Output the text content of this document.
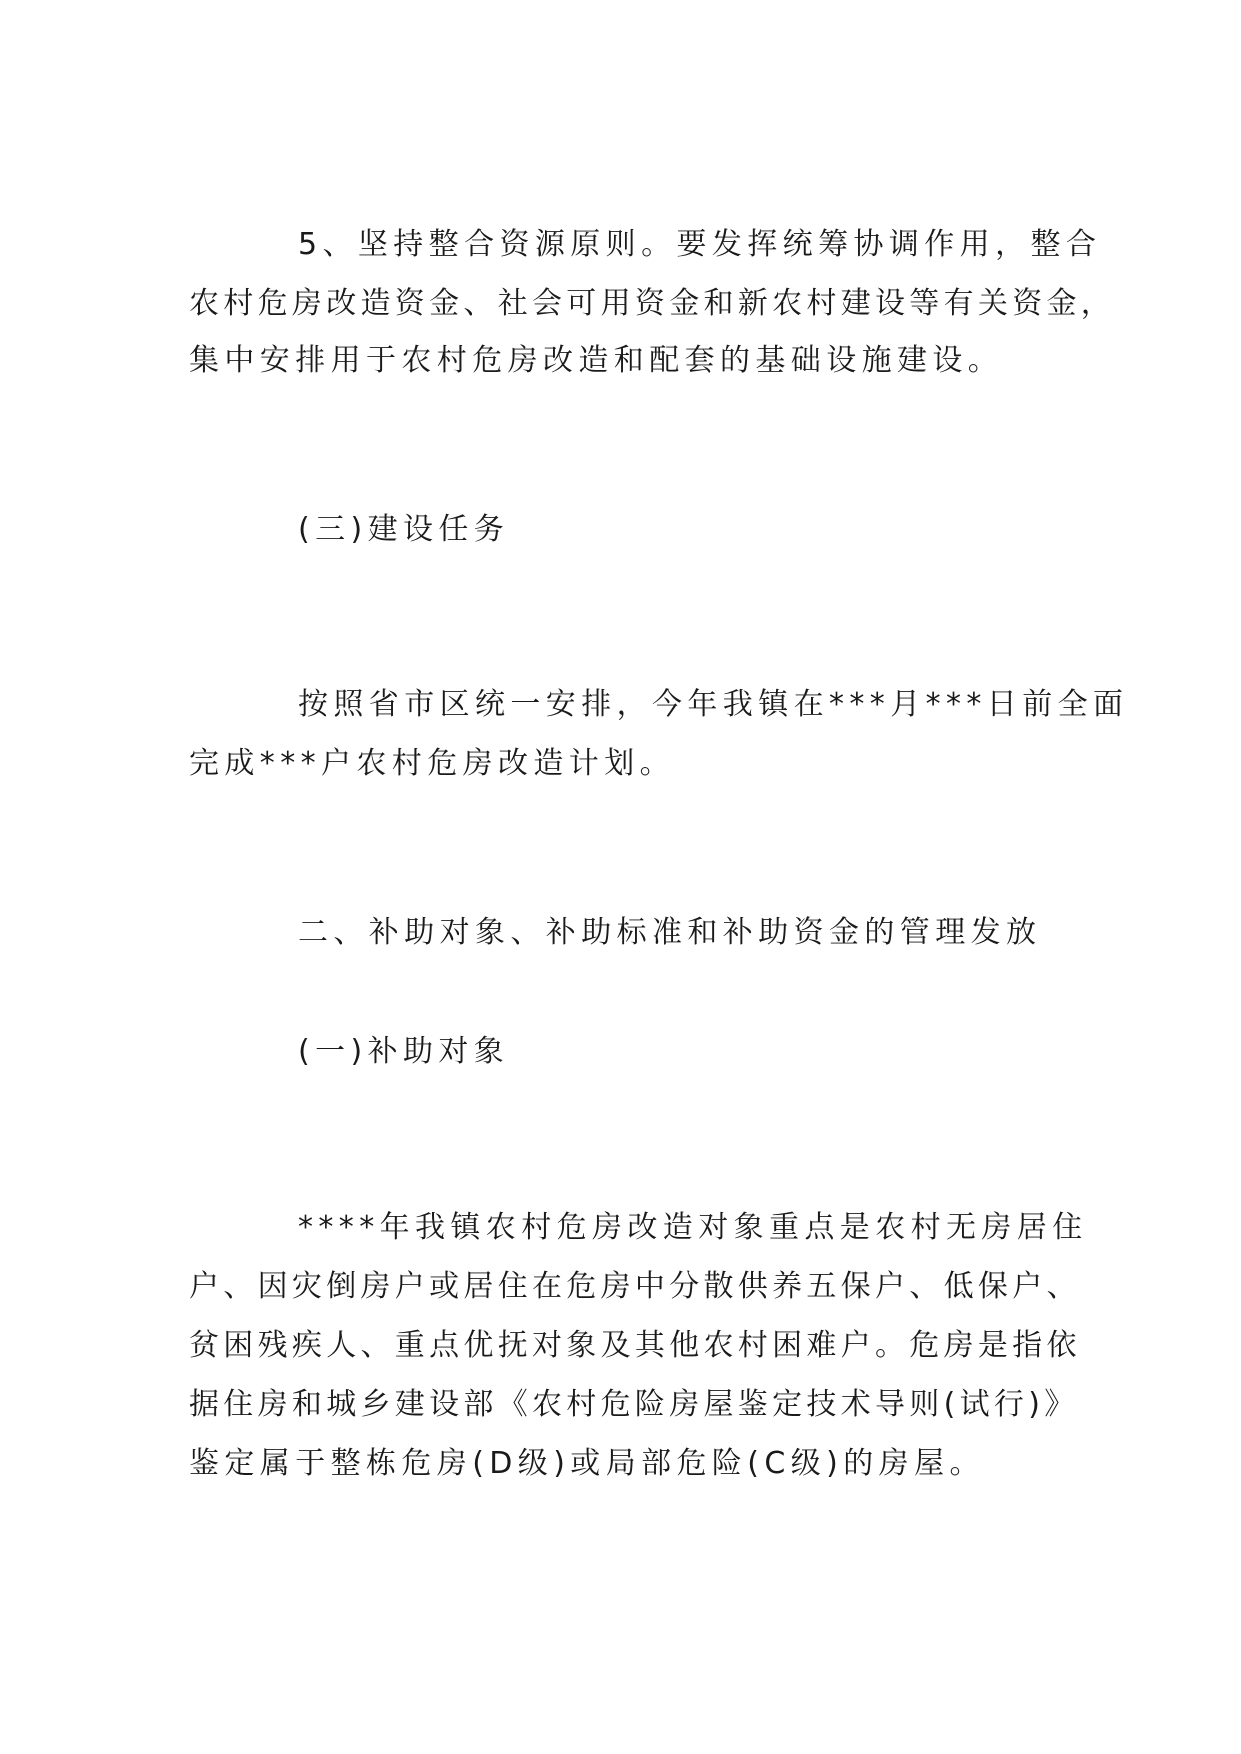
5、坚持整合资源原则。要发挥统筹协调作用，整合
农村危房改造资金、社会可用资金和新农村建设等有关资金，
集中安排用于农村危房改造和配套的基础设施建设。
(三)建设任务
按照省市区统一安排，今年我镇在***月***日前全面
完成***户农村危房改造计划。
二、补助对象、补助标准和补助资金的管理发放
(一)补助对象
****年我镇农村危房改造对象重点是农村无房居住
户、因灾倒房户或居住在危房中分散供养五保户、低保户、
贫困残疾人、重点优抚对象及其他农村困难户。危房是指依
据住房和城乡建设部《农村危险房屋鉴定技术导则(试行)》
鉴定属于整栋危房(D级)或局部危险(C级)的房屋。
